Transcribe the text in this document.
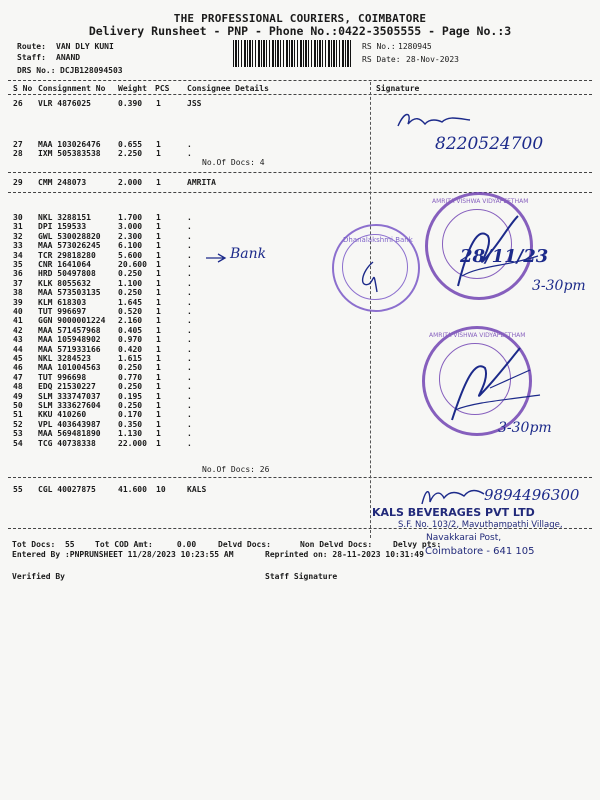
THE PROFESSIONAL COURIERS, COIMBATORE
Delivery Runsheet - PNP - Phone No.:0422-3505555 - Page No.:3
Route: VAN DLY KUNI
Staff: ANAND
DRS No.: DCJB128094503
RS No.: 1280945
RS Date: 28-Nov-2023
S No Consignment No Weight PCS Consignee Details	Signature
26 VLR 4876025	0.390 1	JSS
27 MAA 103026476 0.655 1	.
28 IXM 505383538 2.250 1	.
29 CMM 248073	2.000 1	AMRITA
30 NKL 3288151	1.700 1	.
31 DPI 159533	3.000 1	.
32 GWL 530028820 2.300 1	.
33 MAA 573026245 6.100 1	.
34 TCR 29818280	5.600 1	.
35 CNR 1641064	20.600 1	.
36 HRD 50497808	0.250 1	.
37 KLK 8055632	1.100 1	.
38 MAA 573503135 0.250 1	.
39 KLM 618303	1.645 1	.
40 TUT 996697	0.520 1	.
41 GGN 9000001224 2.160 1	.
42 MAA 571457968 0.405 1	.
43 MAA 105948902 0.970 1	.
44 MAA 571933166 0.420 1	.
45 NKL 3284523	1.615 1	.
46 MAA 101004563 0.250 1	.
47 TUT 996698	0.770 1	.
48 EDQ 21530227	0.250 1	.
49 SLM 333747037 0.195 1	.
50 SLM 333627604 0.250 1	.
51 KKU 410260	0.170 1	.
52 VPL 403643987 0.350 1	.
53 MAA 569481890 1.130 1	.
54 TCG 40738338	22.000 1	.
55 CGL 40027875	41.600 10	KALS
No.Of Docs: 4
No.Of Docs: 26
Tot Docs:  55	Tot COD Amt:     0.00	Delvd Docs:	Non Delvd Docs:	Delvy pts:
Entered By :PNPRUNSHEET 11/28/2023 10:23:55 AM	Reprinted on: 28-11-2023 10:31:49
Verified By	Staff Signature
8220524700
Bank
Dhanalakshmi Bank
AMRITA VISHWA VIDYAPEETHAM
28/11/23
3-30pm
AMRITA VISHWA VIDYAPEETHAM
3-30pm
9894496300
KALS BEVERAGES PVT LTD
S.F. No. 103/2, Mavuthampathi Village,
Navakkarai Post,
Coimbatore - 641 105
